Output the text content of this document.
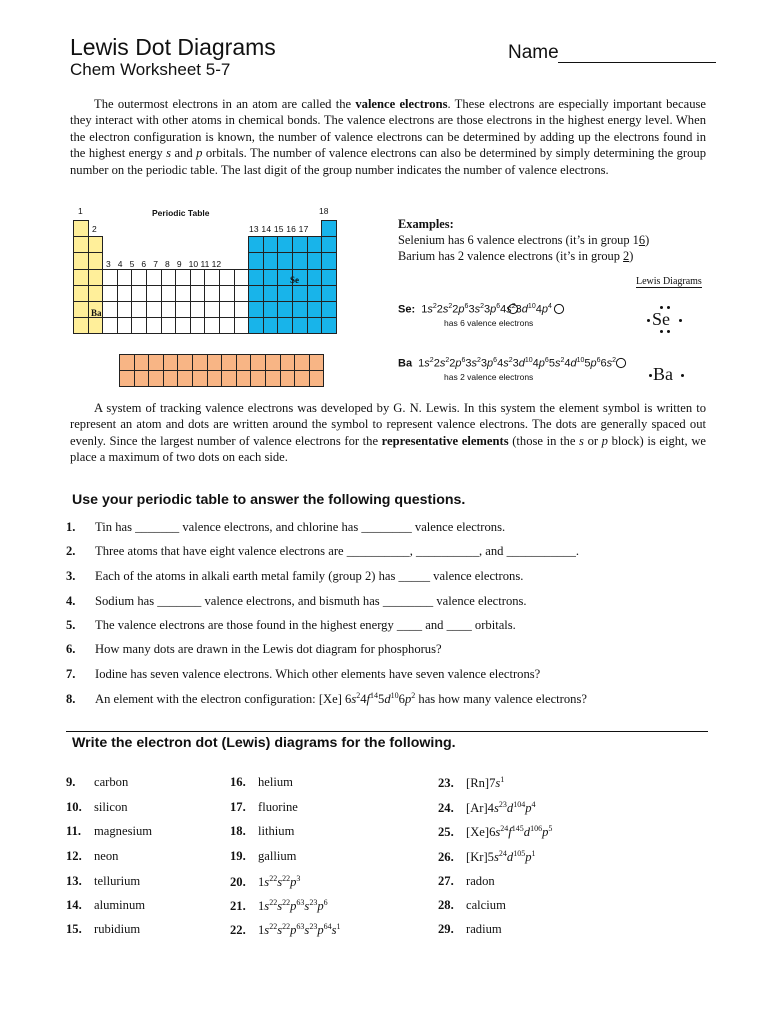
Lewis Dot Diagrams
Chem Worksheet 5-7
Name
The outermost electrons in an atom are called the valence electrons. These electrons are especially important because they interact with other atoms in chemical bonds. The valence electrons are those electrons in the highest energy level. When the electron configuration is known, the number of valence electrons can be determined by adding up the electrons found in the highest energy s and p orbitals. The number of valence electrons can also be determined by simply determining the group number on the periodic table. The last digit of the group number indicates the number of valence electrons.
1	Periodic Table	18
2	13 14 15 16 17
3   4   5   6   7   8   9   10 11 12
Ba
Se
Examples:
Selenium has 6 valence electrons (it’s in group 16)
Barium has 2 valence electrons (it’s in group 2)
Lewis Diagrams
Se:  $1s^22s^22p^63s^23p^64s^23d^{10}4p^4$
has 6 valence electrons	Se
Ba  $1s^22s^22p^63s^23p^64s^23d^{10}4p^65s^24d^{10}5p^66s^2$
has 2 valence electrons	Ba
A system of tracking valence electrons was developed by G. N. Lewis. In this system the element symbol is written to represent an atom and dots are written around the symbol to represent valence electrons. The dots are generally spaced out evenly. Since the largest number of valence electrons for the representative elements (those in the s or p block) is eight, we place a maximum of two dots on each side.
Use your periodic table to answer the following questions.
1. Tin has _______ valence electrons, and chlorine has ________ valence electrons.
2. Three atoms that have eight valence electrons are __________, __________, and ___________.
3. Each of the atoms in alkali earth metal family (group 2) has _____ valence electrons.
4. Sodium has _______ valence electrons, and bismuth has ________ valence electrons.
5. The valence electrons are those found in the highest energy ____ and ____ orbitals.
6. How many dots are drawn in the Lewis dot diagram for phosphorus?
7. Iodine has seven valence electrons. Which other elements have seven valence electrons?
8. An element with the electron configuration: [Xe] $6s^24f^{14}5d^{10}6p^2$ has how many valence electrons?
Write the electron dot (Lewis) diagrams for the following.
9. carbon
10. silicon
11. magnesium
12. neon
13. tellurium
14. aluminum
15. rubidium
16. helium
17. fluorine
18. lithium
19. gallium
20. $1s^{22}s^{22}p^3$
21. $1s^{22}s^{22}p^{63}s^{23}p^6$
22. $1s^{22}s^{22}p^{63}s^{23}p^{64}s^1$
23. $[Rn]7s^1$
24. $[Ar]4s^{23}d^{104}p^4$
25. $[Xe]6s^{24}f^{145}d^{106}p^5$
26. $[Kr]5s^{24}d^{105}p^1$
27. radon
28. calcium
29. radium
